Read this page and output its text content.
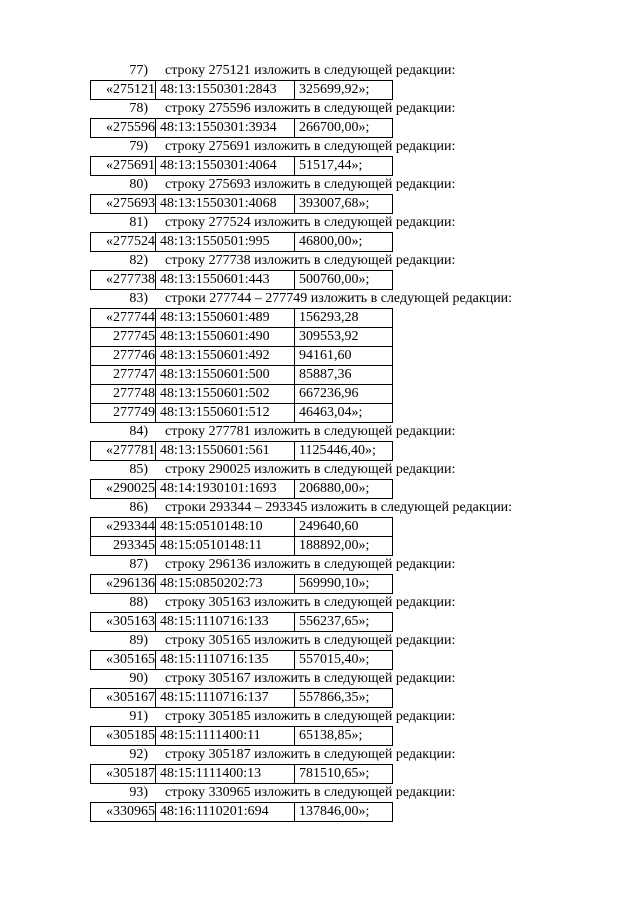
77) строку 275121 изложить в следующей редакции:
«275121	48:13:1550301:2843	325699,92»;
78) строку 275596 изложить в следующей редакции:
«275596	48:13:1550301:3934	266700,00»;
79) строку 275691 изложить в следующей редакции:
«275691	48:13:1550301:4064	51517,44»;
80) строку 275693 изложить в следующей редакции:
«275693	48:13:1550301:4068	393007,68»;
81) строку 277524 изложить в следующей редакции:
«277524	48:13:1550501:995	46800,00»;
82) строку 277738 изложить в следующей редакции:
«277738	48:13:1550601:443	500760,00»;
83) строки 277744 – 277749 изложить в следующей редакции:
«277744	48:13:1550601:489	156293,28
277745	48:13:1550601:490	309553,92
277746	48:13:1550601:492	94161,60
277747	48:13:1550601:500	85887,36
277748	48:13:1550601:502	667236,96
277749	48:13:1550601:512	46463,04»;
84) строку 277781 изложить в следующей редакции:
«277781	48:13:1550601:561	1125446,40»;
85) строку 290025 изложить в следующей редакции:
«290025	48:14:1930101:1693	206880,00»;
86) строки 293344 – 293345 изложить в следующей редакции:
«293344	48:15:0510148:10	249640,60
293345	48:15:0510148:11	188892,00»;
87) строку 296136 изложить в следующей редакции:
«296136	48:15:0850202:73	569990,10»;
88) строку 305163 изложить в следующей редакции:
«305163	48:15:1110716:133	556237,65»;
89) строку 305165 изложить в следующей редакции:
«305165	48:15:1110716:135	557015,40»;
90) строку 305167 изложить в следующей редакции:
«305167	48:15:1110716:137	557866,35»;
91) строку 305185 изложить в следующей редакции:
«305185	48:15:1111400:11	65138,85»;
92) строку 305187 изложить в следующей редакции:
«305187	48:15:1111400:13	781510,65»;
93) строку 330965 изложить в следующей редакции:
«330965	48:16:1110201:694	137846,00»;
